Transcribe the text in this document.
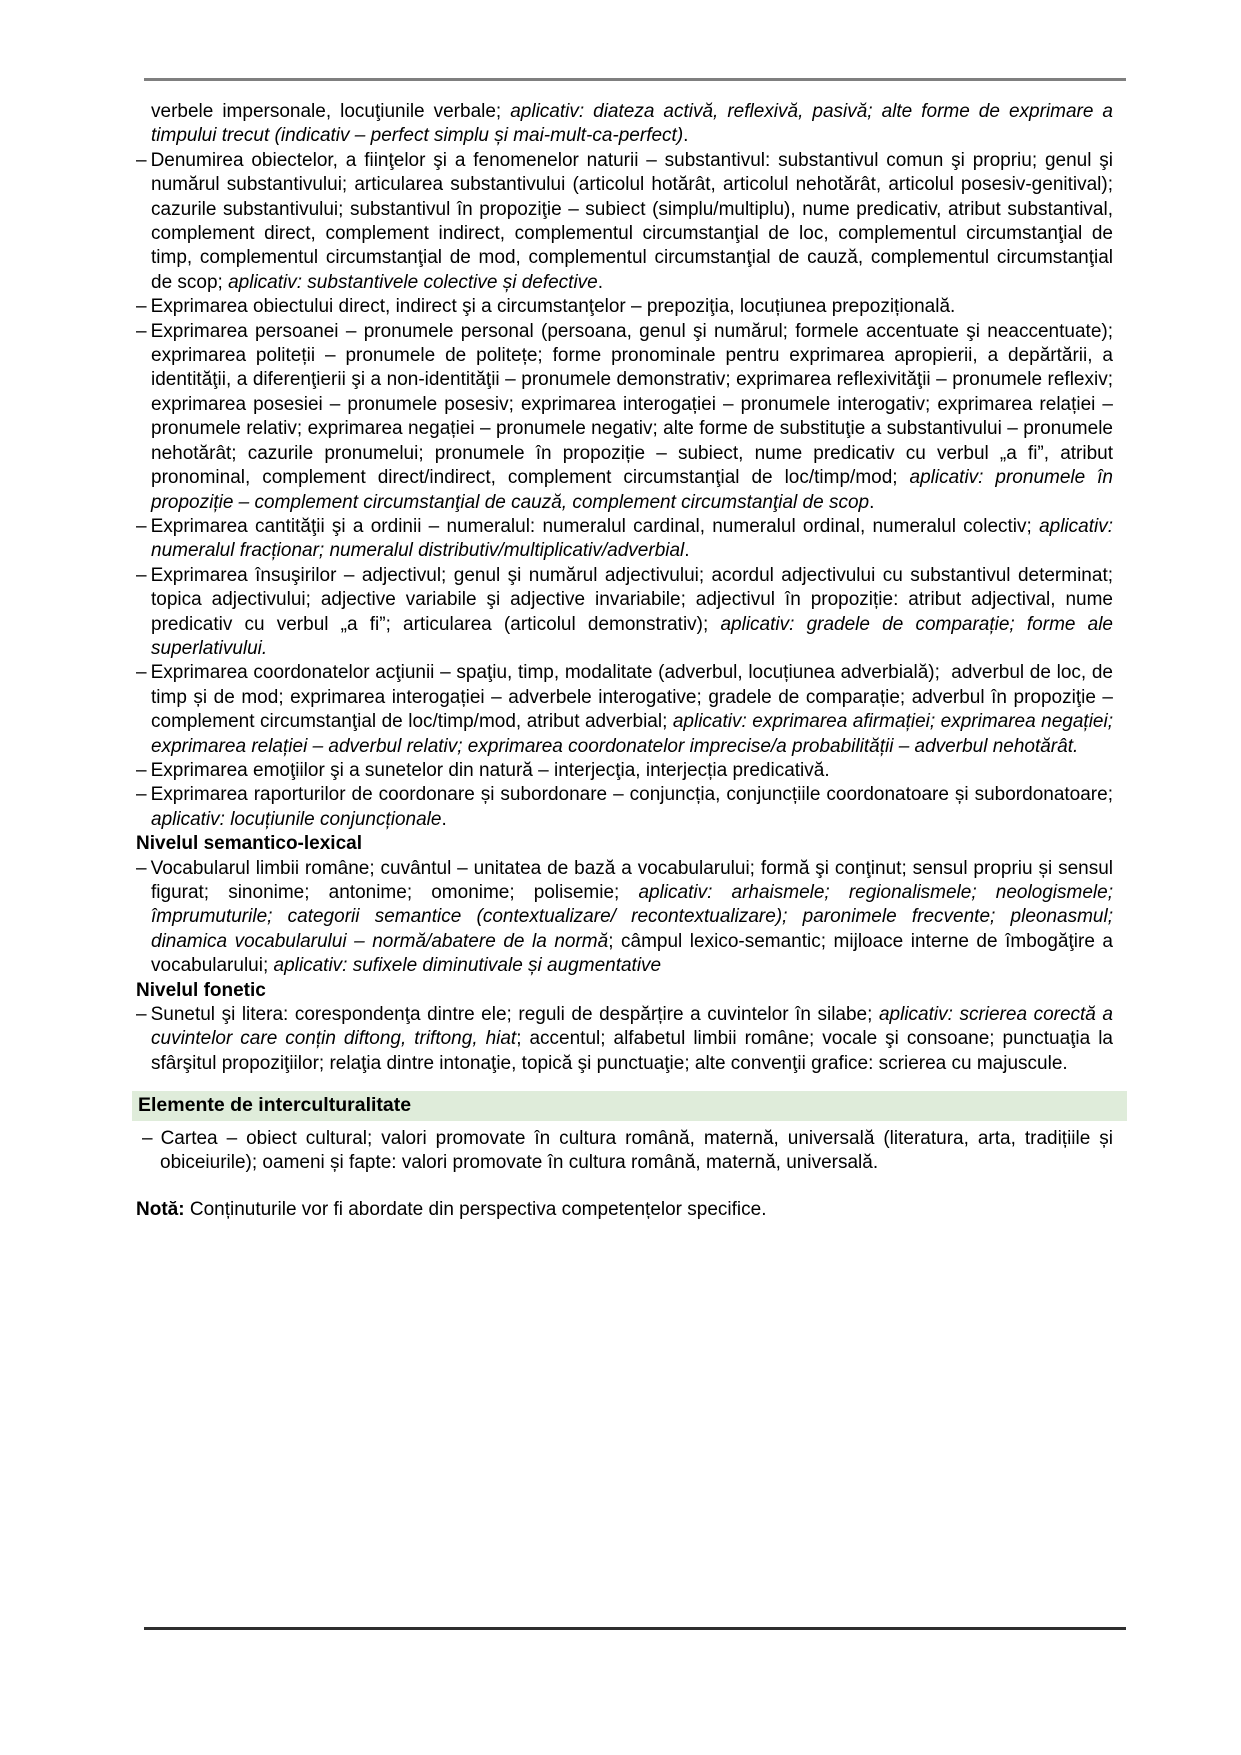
verbele impersonale, locuţiunile verbale; aplicativ: diateza activă, reflexivă, pasivă; alte forme de exprimare a timpului trecut (indicativ – perfect simplu și mai-mult-ca-perfect).
– Denumirea obiectelor, a fiinţelor şi a fenomenelor naturii – substantivul: substantivul comun şi propriu; genul şi numărul substantivului; articularea substantivului (articolul hotărât, articolul nehotărât, articolul posesiv-genitival); cazurile substantivului; substantivul în propoziţie – subiect (simplu/multiplu), nume predicativ, atribut substantival, complement direct, complement indirect, complementul circumstanţial de loc, complementul circumstanţial de timp, complementul circumstanţial de mod, complementul circumstanţial de cauză, complementul circumstanţial de scop; aplicativ: substantivele colective și defective.
– Exprimarea obiectului direct, indirect şi a circumstanţelor – prepoziţia, locuțiunea prepozițională.
– Exprimarea persoanei – pronumele personal (persoana, genul şi numărul; formele accentuate şi neaccentuate); exprimarea politeții – pronumele de politețe; forme pronominale pentru exprimarea apropierii, a depărtării, a identităţii, a diferenţierii şi a non-identităţii – pronumele demonstrativ; exprimarea reflexivităţii – pronumele reflexiv; exprimarea posesiei – pronumele posesiv; exprimarea interogației – pronumele interogativ; exprimarea relației – pronumele relativ; exprimarea negației – pronumele negativ; alte forme de substituţie a substantivului – pronumele nehotărât; cazurile pronumelui; pronumele în propoziție – subiect, nume predicativ cu verbul „a fi”, atribut pronominal, complement direct/indirect, complement circumstanţial de loc/timp/mod; aplicativ: pronumele în propoziție – complement circumstanţial de cauză, complement circumstanţial de scop.
– Exprimarea cantităţii şi a ordinii – numeralul: numeralul cardinal, numeralul ordinal, numeralul colectiv; aplicativ: numeralul fracționar; numeralul distributiv/multiplicativ/adverbial.
– Exprimarea însuşirilor – adjectivul; genul şi numărul adjectivului; acordul adjectivului cu substantivul determinat; topica adjectivului; adjective variabile şi adjective invariabile; adjectivul în propoziție: atribut adjectival, nume predicativ cu verbul „a fi”; articularea (articolul demonstrativ); aplicativ: gradele de comparație; forme ale superlativului.
– Exprimarea coordonatelor acţiunii – spaţiu, timp, modalitate (adverbul, locuțiunea adverbială);  adverbul de loc, de timp și de mod; exprimarea interogației – adverbele interogative; gradele de comparație; adverbul în propoziţie – complement circumstanţial de loc/timp/mod, atribut adverbial; aplicativ: exprimarea afirmației; exprimarea negației; exprimarea relației – adverbul relativ; exprimarea coordonatelor imprecise/a probabilității – adverbul nehotărât.
– Exprimarea emoţiilor şi a sunetelor din natură – interjecţia, interjecția predicativă.
– Exprimarea raporturilor de coordonare și subordonare – conjuncția, conjuncțiile coordonatoare și subordonatoare; aplicativ: locuțiunile conjuncționale.
Nivelul semantico-lexical
– Vocabularul limbii române; cuvântul – unitatea de bază a vocabularului; formă şi conţinut; sensul propriu și sensul figurat; sinonime; antonime; omonime; polisemie; aplicativ: arhaismele; regionalismele; neologismele; împrumuturile; categorii semantice (contextualizare/ recontextualizare); paronimele frecvente; pleonasmul;  dinamica vocabularului – normă/abatere de la normă; câmpul lexico-semantic; mijloace interne de îmbogăţire a vocabularului; aplicativ: sufixele diminutivale și augmentative
Nivelul fonetic
– Sunetul şi litera: corespondenţa dintre ele; reguli de despărțire a cuvintelor în silabe; aplicativ: scrierea corectă a cuvintelor care conțin diftong, triftong, hiat; accentul; alfabetul limbii române; vocale şi consoane; punctuaţia la sfârşitul propoziţiilor; relaţia dintre intonaţie, topică şi punctuaţie; alte convenţii grafice: scrierea cu majuscule.
Elemente de interculturalitate
– Cartea – obiect cultural; valori promovate în cultura română, maternă, universală (literatura, arta, tradițiile și obiceiurile); oameni și fapte: valori promovate în cultura română, maternă, universală.
Notă: Conținuturile vor fi abordate din perspectiva competențelor specifice.
